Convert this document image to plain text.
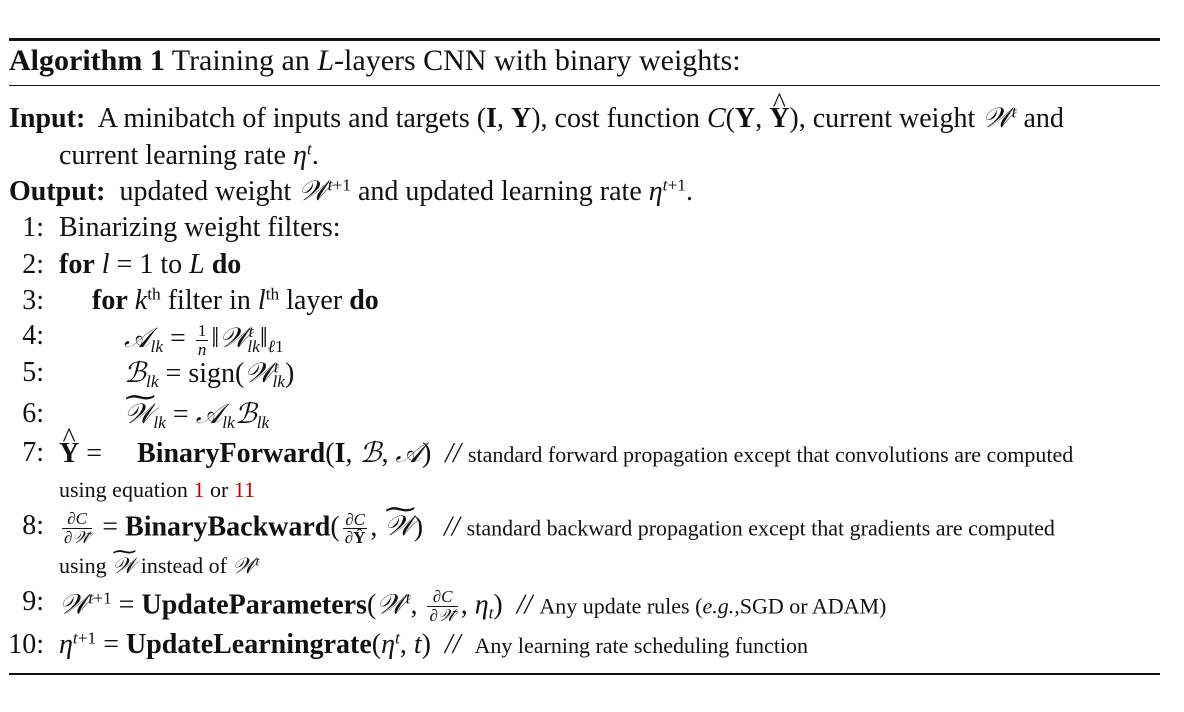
Algorithm 1 Training an L-layers CNN with binary weights:
Input: A minibatch of inputs and targets (I, Y), cost function C(Y, ^ Y), current weight 𝒲$^t$ and
current learning rate $\eta^t$.
Output: updated weight 𝒲$^{t+1}$ and updated learning rate $\eta^{t+1}$.
1: Binarizing weight filters:
2: for l = 1 to L do
3: for $k^{th}$ filter in $l^{th}$ layer do
4:	𝒜$_{lk}$ = $\frac{1}{n}$ $‖𝒲^t_{lk}‖_{\ell 1}$
5:	ℬ$_{lk}$ = sign(𝒲$^t_{lk}$)
6:	~ 𝒲$_{lk}$ = 𝒜$_{lk}$ℬ$_{lk}$
7: ^ Y =     BinaryForward(I, ℬ, 𝒜)  // standard forward propagation except that convolutions are computed
using equation 1 or 11
8: $\frac{\partial C}{\text{∂𝒲̃}}$ = BinaryBackward( $\frac{\partial C}{\partial Ŷ}$ , ~ 𝒲)   // standard backward propagation except that gradients are computed
using ~ 𝒲 instead of 𝒲$^t$
9: 𝒲$^{t+1}$ = UpdateParameters(𝒲$^t$, $\frac{\partial C}{\text{∂𝒲̃}}$ , $\eta_t$)  // Any update rules (e.g.,SGD or ADAM)
10: $\eta^{t+1}$ = $UpdateLearningrate(\eta^t$, t)  // Any learning rate scheduling function
